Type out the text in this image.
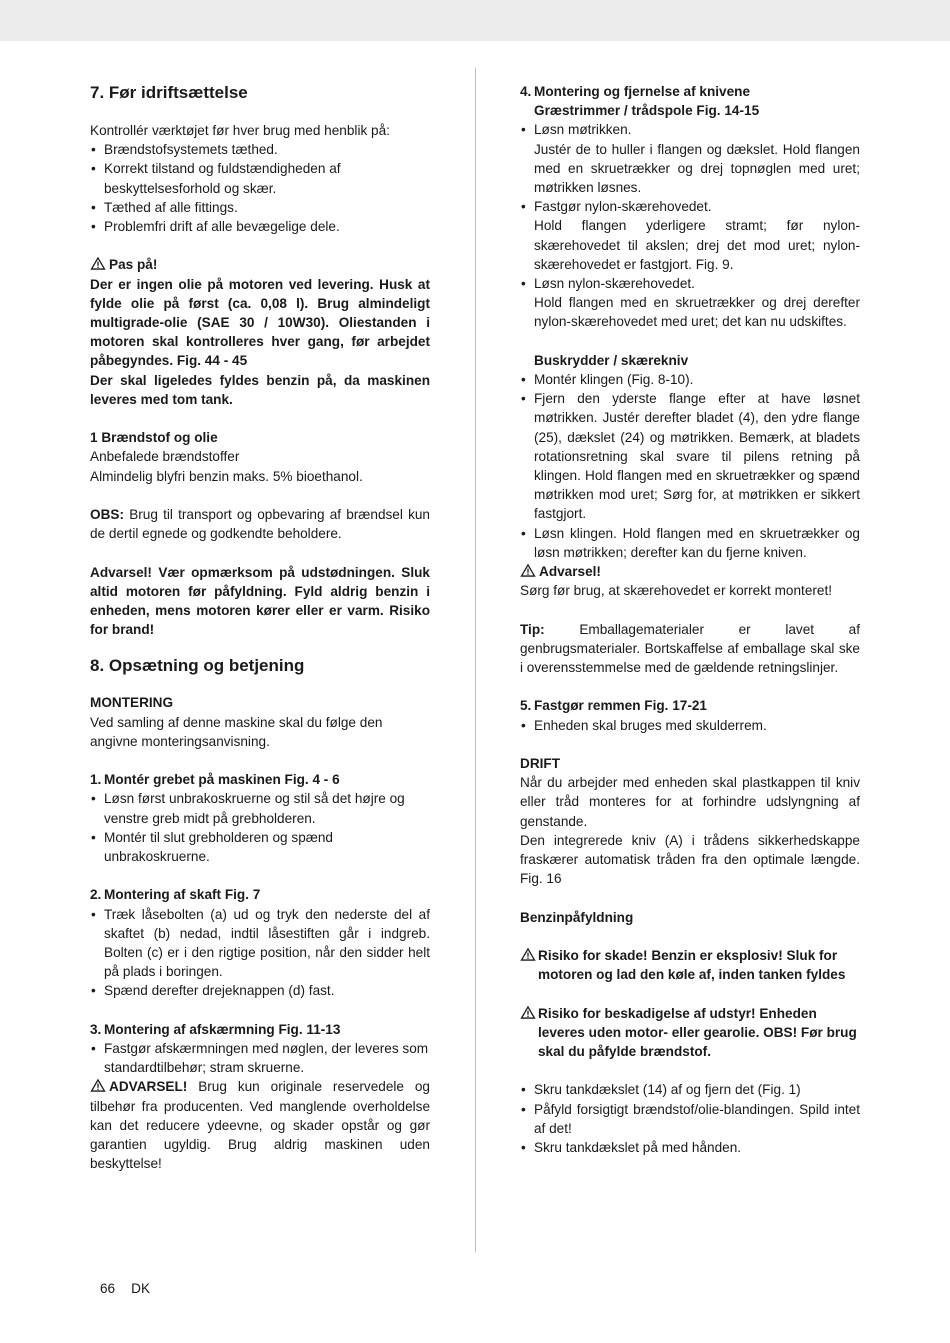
7. Før idriftsættelse

Kontrollér værktøjet før hver brug med henblik på:

• Brændstofsystemets tæthed.
• Korrekt tilstand og fuldstændigheden af beskyttelsesforhold og skær.
• Tæthed af alle fittings.
• Problemfri drift af alle bevægelige dele.

Pas på!

Der er ingen olie på motoren ved levering. Husk at fylde olie på først (ca. 0,08 l). Brug almindeligt multigrade-olie (SAE 30 / 10W30). Oliestanden i motoren skal kontrolleres hver gang, før arbejdet påbegyndes. Fig. 44 - 45

Der skal ligeledes fyldes benzin på, da maskinen leveres med tom tank.

1 Brændstof og olie

Anbefalede brændstoffer

Almindelig blyfri benzin maks. 5% bioethanol.

OBS: Brug til transport og opbevaring af brændsel kun de dertil egnede og godkendte beholdere.

Advarsel! Vær opmærksom på udstødningen. Sluk altid motoren før påfyldning. Fyld aldrig benzin i enheden, mens motoren kører eller er varm. Risiko for brand!

8. Opsætning og betjening

MONTERING

Ved samling af denne maskine skal du følge den angivne monteringsanvisning.

1. Montér grebet på maskinen Fig. 4 - 6
• Løsn først unbrakoskruerne og stil så det højre og venstre greb midt på grebholderen.
• Montér til slut grebholderen og spænd unbrakoskruerne.
2. Montering af skaft Fig. 7
• Træk låsebolten (a) ud og tryk den nederste del af skaftet (b) nedad, indtil låsestiften går i indgreb. Bolten (c) er i den rigtige position, når den sidder helt på plads i boringen.
• Spænd derefter drejeknappen (d) fast.
3. Montering af afskærmning Fig. 11-13
• Fastgør afskærmningen med nøglen, der leveres som standardtilbehør; stram skruerne.

ADVARSEL! Brug kun originale reservedele og tilbehør fra producenten. Ved manglende overholdelse kan det reducere ydeevne, og skader opstår og gør garantien ugyldig. Brug aldrig maskinen uden beskyttelse!

4. Montering og fjernelse af knivene

Græstrimmer / trådspole Fig. 14-15

• Løsn møtrikken.

Justér de to huller i flangen og dækslet. Hold flangen med en skruetrækker og drej topnøglen med uret; møtrikken løsnes.
• Fastgør nylon-skærehovedet.

Hold flangen yderligere stramt; før nylon-skærehovedet til akslen; drej det mod uret; nylon-skærehovedet er fastgjort. Fig. 9.
• Løsn nylon-skærehovedet.

Hold flangen med en skruetrækker og drej derefter nylon-skærehovedet med uret; det kan nu udskiftes.

Buskrydder / skærekniv

• Montér klingen (Fig. 8-10).
• Fjern den yderste flange efter at have løsnet møtrikken. Justér derefter bladet (4), den ydre flange (25), dækslet (24) og møtrikken. Bemærk, at bladets rotationsretning skal svare til pilens retning på klingen. Hold flangen med en skruetrækker og spænd møtrikken mod uret; Sørg for, at møtrikken er sikkert fastgjort.
• Løsn klingen. Hold flangen med en skruetrækker og løsn møtrikken; derefter kan du fjerne kniven.

Advarsel!

Sørg før brug, at skærehovedet er korrekt monteret!

Tip:	Emballagematerialer er lavet af genbrugsmaterialer. Bortskaffelse af emballage skal ske i overensstemmelse med de gældende retningslinjer.

5. Fastgør remmen Fig. 17-21
• Enheden skal bruges med skulderrem.

DRIFT

Når du arbejder med enheden skal plastkappen til kniv eller tråd monteres for at forhindre udslyngning af genstande.

Den integrerede kniv (A) i trådens sikkerhedskappe fraskærer automatisk tråden fra den optimale længde. Fig. 16

Benzinpåfyldning

Risiko for skade! Benzin er eksplosiv! Sluk for motoren og lad den køle af, inden tanken fyldes
Risiko for beskadigelse af udstyr! Enheden leveres uden motor- eller gearolie. OBS! Før brug skal du påfylde brændstof.
• Skru tankdækslet (14) af og fjern det (Fig. 1)
• Påfyld forsigtigt brændstof/olie-blandingen. Spild intet af det!
• Skru tankdækslet på med hånden.
66 DK
